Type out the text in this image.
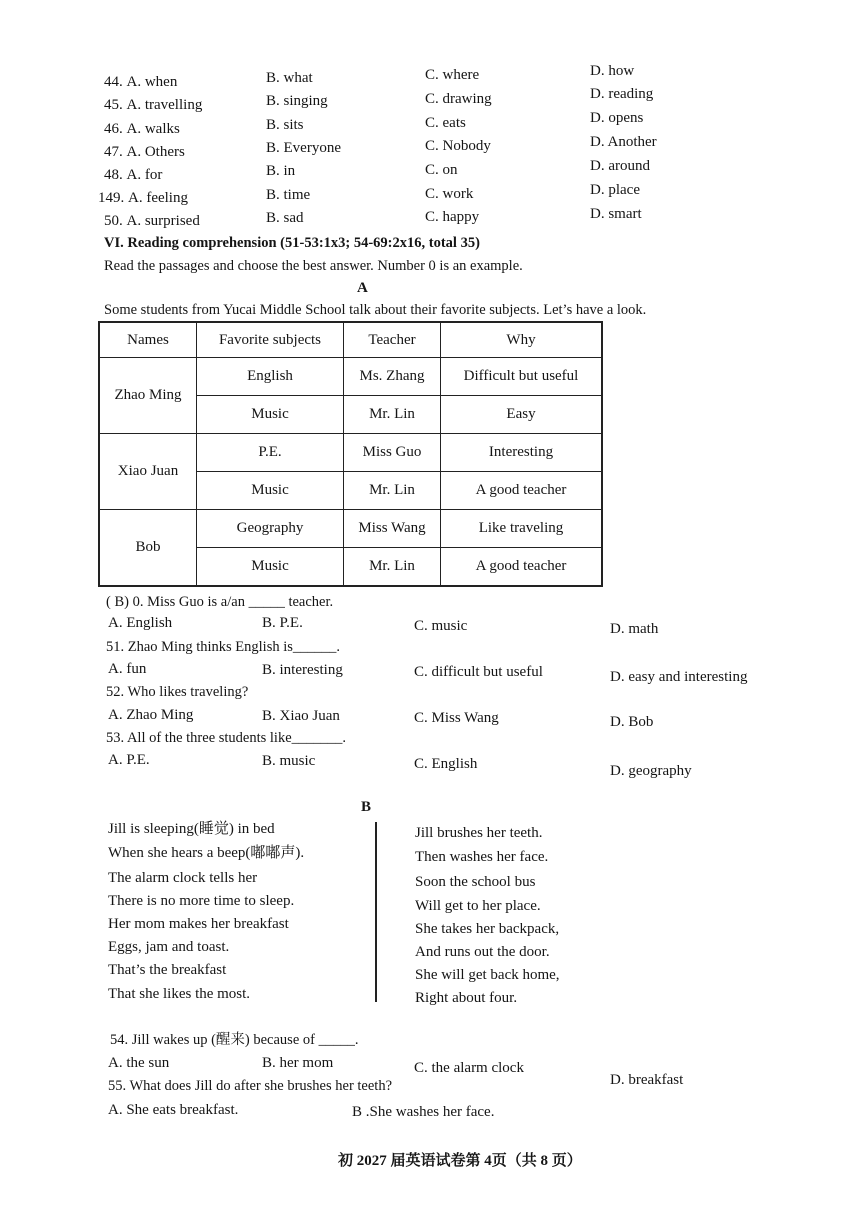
44. A. when	B. what	C. where	D. how
45. A. travelling	B. singing	C. drawing	D. reading
46. A. walks	B. sits	C. eats	D. opens
47. A. Others	B. Everyone	C. Nobody	D. Another
48. A. for	B. in	C. on	D. around
149. A. feeling	B. time	C. work	D. place
50. A. surprised	B. sad	C. happy	D. smart
VI. Reading comprehension (51-53:1x3; 54-69:2x16, total 35)
Read the passages and choose the best answer. Number 0 is an example.
A
Some students from Yucai Middle School talk about their favorite subjects. Let’s have a look.
Names	Favorite subjects	Teacher	Why
Zhao Ming	English	Ms. Zhang	Difficult but useful
	Music	Mr. Lin	Easy
Xiao Juan	P.E.	Miss Guo	Interesting
	Music	Mr. Lin	A good teacher
Bob	Geography	Miss Wang	Like traveling
	Music	Mr. Lin	A good teacher
( B) 0. Miss Guo is a/an _____ teacher.
A. English	B. P.E.	C. music	D. math
51. Zhao Ming thinks English is______.
A. fun	B. interesting	C. difficult but useful	D. easy and interesting
52. Who likes traveling?
A. Zhao Ming	B. Xiao Juan	C. Miss Wang	D. Bob
53. All of the three students like_______.
A. P.E.	B. music	C. English	D. geography
B
Jill is sleeping(睡觉) in bed
When she hears a beep(嘟嘟声).
The alarm clock tells her
There is no more time to sleep.
Her mom makes her breakfast
Eggs, jam and toast.
That’s the breakfast
That she likes the most.
Jill brushes her teeth.
Then washes her face.
Soon the school bus
Will get to her place.
She takes her backpack,
And runs out the door.
She will get back home,
Right about four.
54. Jill wakes up (醒来) because of _____.
A. the sun	B. her mom	C. the alarm clock
D. breakfast
55. What does Jill do after she brushes her teeth?
A. She eats breakfast.	B .She washes her face.
初 2027 届英语试卷第 4页（共 8 页）
